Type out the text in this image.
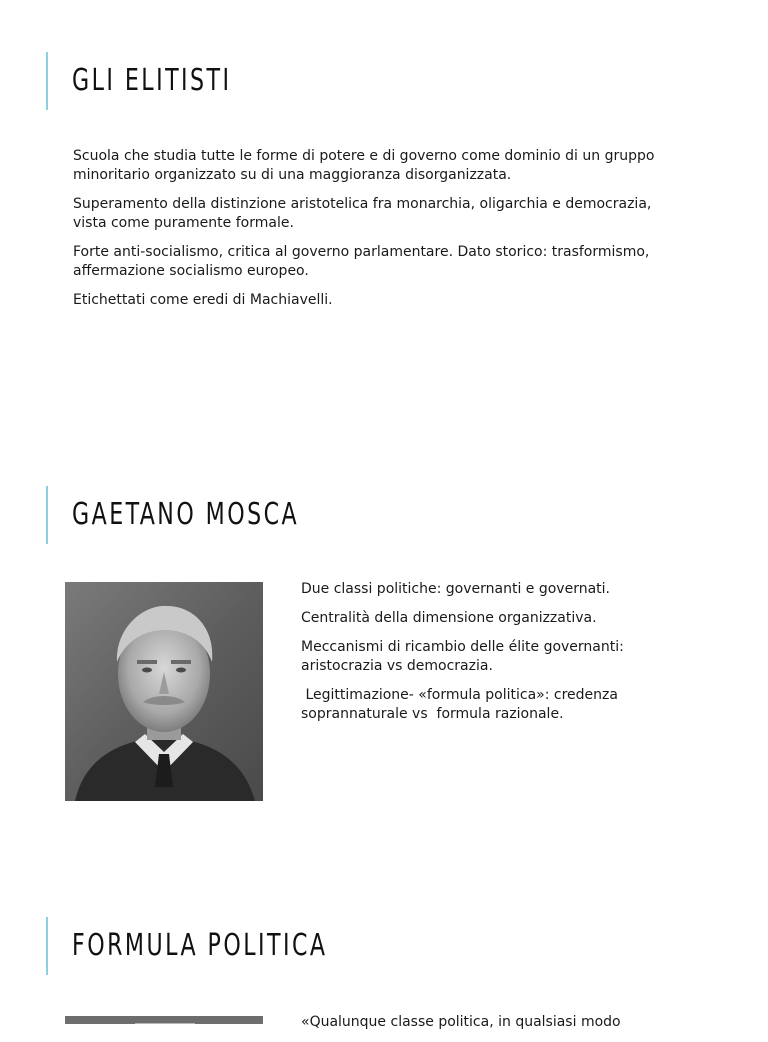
GLI ELITISTI

Scuola che studia tutte le forme di potere e di governo come dominio di un gruppo minoritario organizzato su di una maggioranza disorganizzata.

Superamento della distinzione aristotelica fra monarchia, oligarchia e democrazia, vista come puramente formale.

Forte anti-socialismo, critica al governo parlamentare. Dato storico: trasformismo, affermazione socialismo europeo.

Etichettati come eredi di Machiavelli.

GAETANO MOSCA

Due classi politiche: governanti e governati.

Centralità della dimensione organizzativa.

Meccanismi di ricambio delle élite governanti: aristocrazia vs democrazia.

Legittimazione- «formula politica»: credenza soprannaturale vs  formula razionale.

FORMULA POLITICA

«Qualunque classe politica, in qualsiasi modo
